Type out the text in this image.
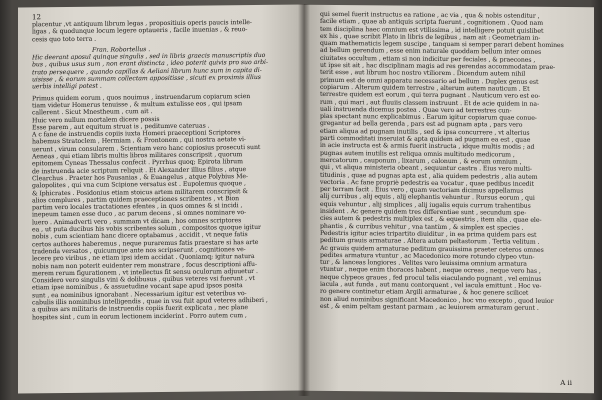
12
placentur ,vt antiquum librum legas , propositiuis operis paucis intelle-
ligas , & quodunque locum legere optaueris , facile inuenias , & reuo-
cesis quo toto terra .
Fran. Robortellus .
Hic deerant aposul quinque singulis , sed in libris graecis manuscriptis duo
bus , quibus usus sum , non erant distincta , ideo poterit quivis pro suo arbi-
trato persequere , quando capillas & Aeliani librum hunc sum in capita di-
uisisse , & eorum summam collectam appositisse , sicuti ex proximis illius
uerbis intelligi potest .
Primus quidem eorum , quos nouimus , instruendarum copiarum scien
tiam videtur Homerus tenuisse , & multum extulisse eos , qui ipsam
callerent . Sicut Mnestheum , cum ait .
Huic vero nullum mortalem dicere possis
Esse parem , aut equitum struat is , peditumve cateruas .
A c fane de instruendis copiis iuxta Homeri praeceptioni Scriptores
habemus Stratoclem , Hermiam , & Frontonem , qui nostra aetate vi-
uerunt , virum consularem . Scientiam vero hanc copiosius prosecuti sunt
Aeneas , qui etiam libris multis libros militares conscripsit , quorum
epitomem Cyneas Thessalus confecit . Pyrrhus quoq; Epirota librum
de instruenda acie scriptum reliquit . Et Alexander illius filius , atque
Clearchus . Praeter hos Pausanias , & Euangelus , atque Polybius Me-
galopolites , qui vna cum Scipione versatus est . Eupolemus quoque ,
& Iphicrates . Posidonius etiam stoicus artem militarem conscripsit &
alios complures , partim quidem praeceptiones scribentes , vt Bion
partim vero locales tractationes efentes , in quos omnes & si incidi ,
inepeum tamen esse duco , ac parum decens , si omnes nominare vo-
luero . Animadverti vero , summam vt dicam , hos omnes scriptores
ea , ut puta ducibus his vobis scribentes solum , compositos quoque igitur
nobis , cum scientiam hanc dicere optabamus , accidit , vt neque fatis
certos authores haberemus , neque puraremus fatis praestare si has arte
tradenda versatos , quicumque ante nos scripserunt , cognitiones ve-
lecere pro viribus , ne etiam ipsi idem accidat . Quoniamq; igitur natura
nobis nam non poterit euidenter rem monstrare , focus descriptioni affu-
merem rerum figurationem , vt intellectus fit sensu oculorum adjuuetur .
Considero vero singulis vini & dolibusus , quibus veteres vsi fuerunt , vt
etiam ipse nominibus , & assuetudine vocant sape apud ipsos posita
sunt , ea nominibus ignorabant . Necessarium igitur est veteribus vo-
cabulis illis nominibus intelligendis , quae in vsu fuit apud veteres adhiberi ,
a quibus ars militaris de instruendis copiis fuerit explicata , nec plane
hospites sint , cum in eorum lectionem inciderint . Porro autem cum ,
qui semel fuerit instructus ea ratione , ac via , qua & nobis ostenditur ,
facile etiam , quae ab antiquis scripta fuerunt , cognitionem . Quod nam
tem disciplina haec omnium est vtilissima , id intelligere potuit quislibet
ex his , quae scribit Plato in libris de legibus , nam ait : Geometriam in-
quam mathematicis legem suscipe , tanquam si semper parari debent homines
ad bellum gerendum , esse enim naturale quoddam bellum inter omnes
ciuitates occultum , etiam si non indicitur per feciales , & praecones ,
ut ipse sit ait , hac disciplinam magis ad res gerendas accommodatam prae-
terit esse , aut librum hoc nostro vtiliorem . Dicendum autem nihil
primum est de omni apparatu necessario ad bellum . Duplex genus est
copiarum . Alterum quidem terrestre , alterum autem nauticum . Et
terrestre quidem est eorum , qui terra pugnant . Nauticum vero est eo-
rum , qui mari , aut fluuiis classem instruunt . Et de acie quidem in na-
uali instruenda dicemus postea . Quae vero ad terrestres cun-
pias spectant nunc explicabimus . Earum igitur copiarum quae conue-
gregantur ad bella gerenda , pars est ad pugnam apta , pars vero
etiam aliqua ad pugnam inutilis , sed & ipsa concurrere , vt alterius
parti commoditati inseruiat & apta quidem ad pugnam ea est , quae
in acie instructa est & armis fuerit instructa , idque multis modis ; ad
pugnas autem inutilis est reliqua omnis multitudo medicorum ,
mercatorum , cauponum , lixarum , calonum , & eorum omnium ,
qui , vt aliqua ministeria obeant , sequuntur castra . Eius vero multi-
titudinis , quae ad pugnas apta est , alia quidem pedestris , alia autem
vectoria . Ac fane propriè pedestris ea vocatur , quae pedibus incedit
per terram facit . Eius vero , quam vectoriam dicimus appellamus
alij curribus , alij equis , alij elephantis vehuntur . Rursus eorum , qui
equis vehuntur , alij simplices , alij iugalis equis currum trahentibus
insident . Ac genere quidem tres differentiae sunt , secundum spe-
cies autem & pedestris multiplex est , & equestris , item alia , quae ele-
phantis , & curribus vehitur , vna tantùm , & simplex est species .
Pedestris igitur acies tripartito diuiditur , in ea prima quidem pars est
peditum grauis armaturae . Altera autem peltastorum . Tertia velitum .
Ac grauis quidem armaturae peditum grauissima praeter ceteros omnes
pedites armatura vtuntur , ac Macedonico more rotundo clypeo vtun-
tur , & lanceas longiores . Velites vero leuissima omnium armatura
vtuntur , neque enim thoraces habent , neque ocreas , neque vero has ,
neque clypeos graues , fed procul telis eiaculando pugnant , vel eminus
iacula , aut funda , aut manu contorquent , vel iacula emittunt . Hoc ve-
ro genere continetur etiam Argili armaturae , & hoc genere scilicet
non aliud nominibus significant Macedonico , hoc vno excepto , quod leuior
est , & enim peltam gestant parmam , ac leuiorem armaturam gerunt .
A ii
